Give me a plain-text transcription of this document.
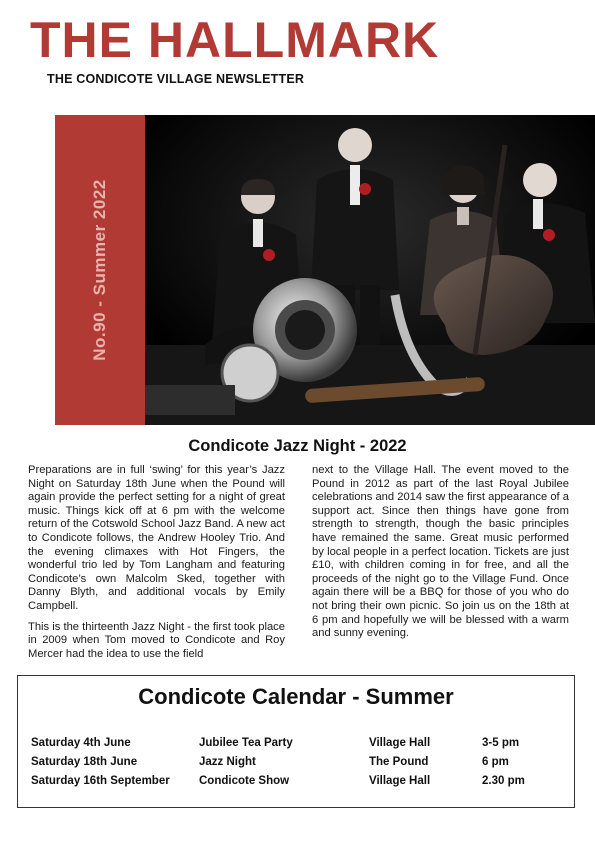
THE HALLMARK
THE CONDICOTE VILLAGE NEWSLETTER
No.90 - Summer 2022
Condicote Jazz Night - 2022

Preparations are in full ‘swing’ for this year’s Jazz Night on Saturday 18th June when the Pound will again provide the perfect setting for a night of great music. Things kick off at 6 pm with the welcome return of the Cotswold School Jazz Band. A new act to Condicote follows, the Andrew Hooley Trio. And the evening climaxes with Hot Fingers, the wonderful trio led by Tom Langham and featuring Condicote’s own Malcolm Sked, together with Danny Blyth, and additional vocals by Emily Campbell.

This is the thirteenth Jazz Night - the first took place in 2009 when Tom moved to Condicote and Roy Mercer had the idea to use the field

next to the Village Hall. The event moved to the Pound in 2012 as part of the last Royal Jubilee celebrations and 2014 saw the first appearance of a support act. Since then things have gone from strength to strength, though the basic principles have remained the same. Great music performed by local people in a perfect location. Tickets are just £10, with children coming in for free, and all the proceeds of the night go to the Village Fund. Once again there will be a BBQ for those of you who do not bring their own picnic. So join us on the 18th at 6 pm and hopefully we will be blessed with a warm and sunny evening.

Condicote Calendar - Summer
Saturday 4th June	Jubilee Tea Party	Village Hall	3-5 pm
Saturday 18th June	Jazz Night	The Pound	6 pm
Saturday 16th September	Condicote Show	Village Hall	2.30 pm
